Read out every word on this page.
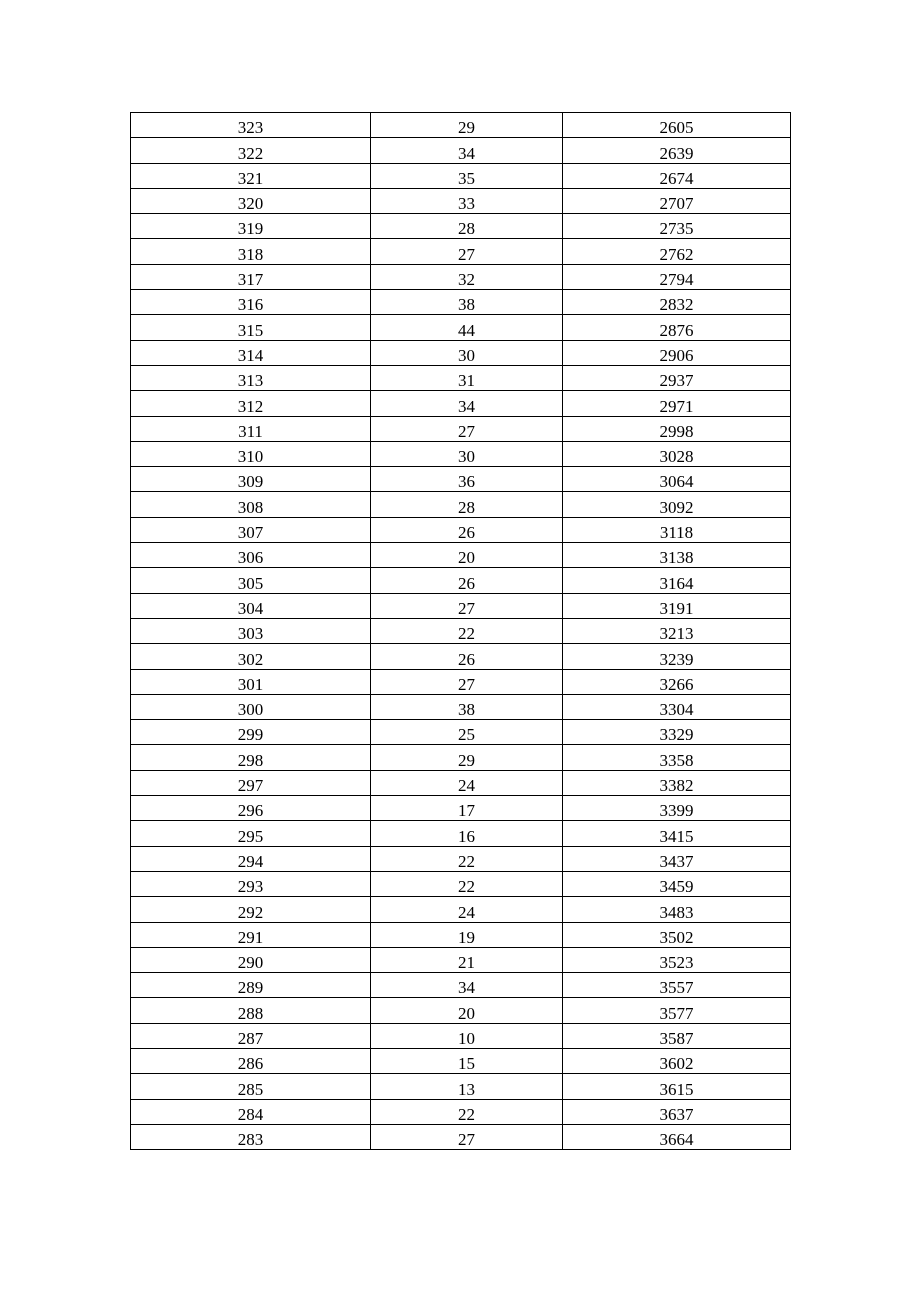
323	29	2605
322	34	2639
321	35	2674
320	33	2707
319	28	2735
318	27	2762
317	32	2794
316	38	2832
315	44	2876
314	30	2906
313	31	2937
312	34	2971
311	27	2998
310	30	3028
309	36	3064
308	28	3092
307	26	3118
306	20	3138
305	26	3164
304	27	3191
303	22	3213
302	26	3239
301	27	3266
300	38	3304
299	25	3329
298	29	3358
297	24	3382
296	17	3399
295	16	3415
294	22	3437
293	22	3459
292	24	3483
291	19	3502
290	21	3523
289	34	3557
288	20	3577
287	10	3587
286	15	3602
285	13	3615
284	22	3637
283	27	3664
